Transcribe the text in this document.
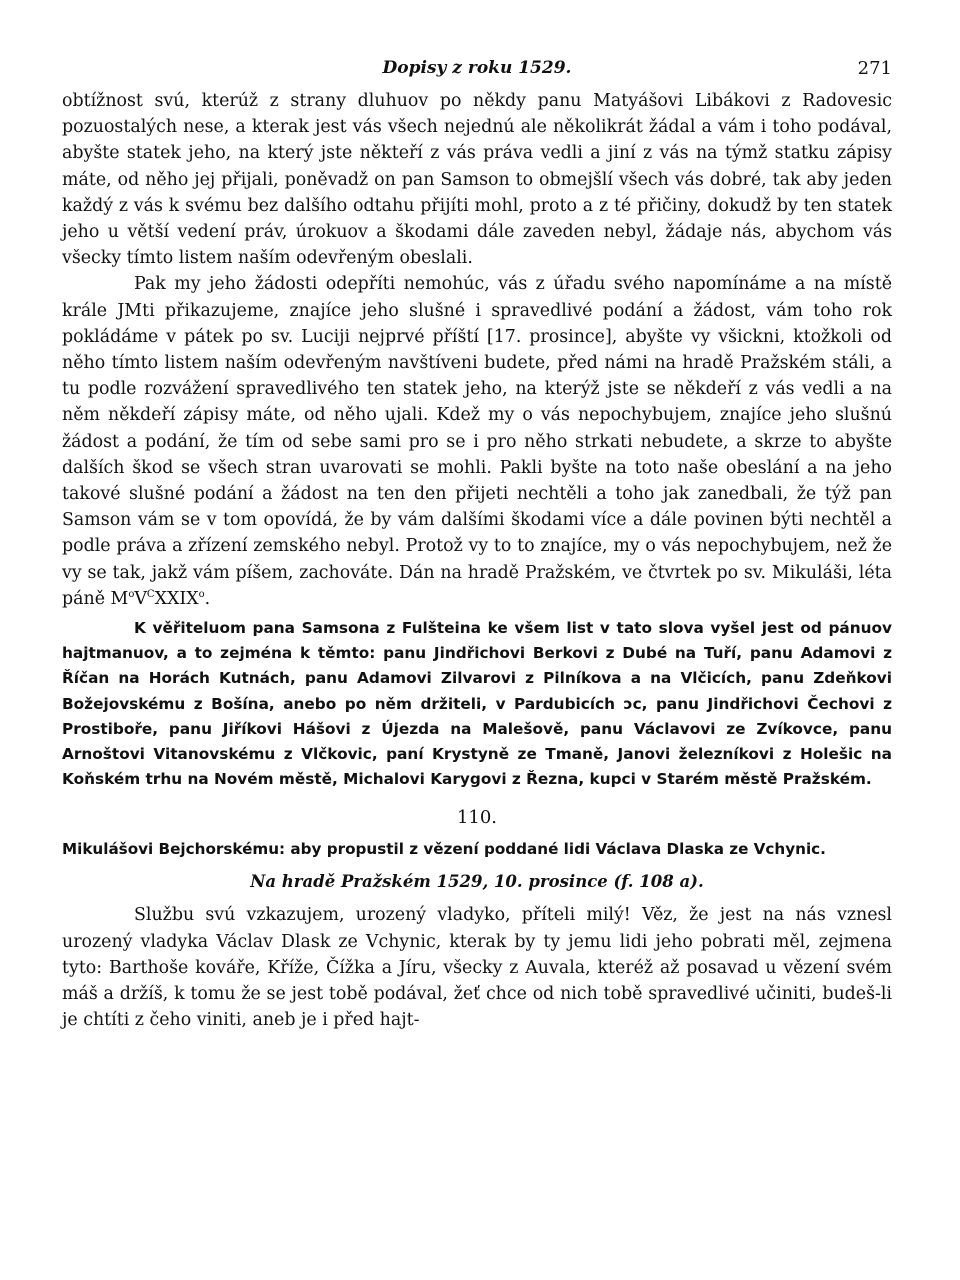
Dopisy z roku 1529.	271

obtížnost svú, kterúž z strany dluhuov po někdy panu Matyášovi Libákovi z Radovesic pozuostalých nese, a kterak jest vás všech nejednú ale několikrát žádal a vám i toho podával, abyšte statek jeho, na který jste někteří z vás práva vedli a jiní z vás na týmž statku zápisy máte, od něho jej přijali, poněvadž on pan Samson to obmejšlí všech vás dobré, tak aby jeden každý z vás k svému bez dalšího odtahu přijíti mohl, proto a z té přičiny, dokudž by ten statek jeho u větší vedení práv, úrokuov a škodami dále zaveden nebyl, žádaje nás, abychom vás všecky tímto listem naším odevřeným obeslali.

Pak my jeho žádosti odepříti nemohúc, vás z úřadu svého napomínáme a na místě krále JMti přikazujeme, znajíce jeho slušné i spravedlivé podání a žádost, vám toho rok pokládáme v pátek po sv. Luciji nejprvé příští [17. prosince], abyšte vy všickni, ktožkoli od něho tímto listem naším odevřeným navštíveni budete, před námi na hradě Pražském stáli, a tu podle rozvážení spravedlivého ten statek jeho, na kterýž jste se někdeří z vás vedli a na něm někdeří zápisy máte, od něho ujali. Kdež my o vás nepochybujem, znajíce jeho slušnú žádost a podání, že tím od sebe sami pro se i pro něho strkati nebudete, a skrze to abyšte dalších škod se všech stran uvarovati se mohli. Pakli byšte na toto naše obeslání a na jeho takové slušné podání a žádost na ten den přijeti nechtěli a toho jak zanedbali, že týž pan Samson vám se v tom opovídá, že by vám dalšími škodami více a dále povinen býti nechtěl a podle práva a zřízení zemského nebyl. Protož vy to to znajíce, my o vás nepochybujem, než že vy se tak, jakž vám píšem, zachováte. Dán na hradě Pražském, ve čtvrtek po sv. Mikuláši, léta páně $M^oV^CXXIX^o$.

K věřiteluom pana Samsona z Fulšteina ke všem list v tato slova vyšel jest od pánuov hajtmanuov, a to zejména k těmto: panu Jindřichovi Berkovi z Dubé na Tuří, panu Adamovi z Říčan na Horách Kutnách, panu Adamovi Zilvarovi z Pilníkova a na Vlčicích, panu Zdeňkovi Božejovskému z Bošína, anebo po něm držiteli, v Pardubicích ɔc, panu Jindřichovi Čechovi z Prostiboře, panu Jiříkovi Hášovi z Újezda na Malešově, panu Václavovi ze Zvíkovce, panu Arnoštovi Vitanovskému z Vlčkovic, paní Krystyně ze Tmaně, Janovi železníkovi z Holešic na Koňském trhu na Novém městě, Michalovi Karygovi z Řezna, kupci v Starém městě Pražském.

110.

Mikulášovi Bejchorskému: aby propustil z vězení poddané lidi Václava Dlaska ze Vchynic.

Na hradě Pražském 1529, 10. prosince (f. 108 a).

Službu svú vzkazujem, urozený vladyko, příteli milý! Věz, že jest na nás vznesl urozený vladyka Václav Dlask ze Vchynic, kterak by ty jemu lidi jeho pobrati měl, zejmena tyto: Barthoše kováře, Kříže, Čížka a Jíru, všecky z Auvala, kteréž až posavad u vězení svém máš a držíš, k tomu že se jest tobě podával, žeť chce od nich tobě spravedlivé učiniti, budeš-li je chtíti z čeho viniti, aneb je i před hajt-
